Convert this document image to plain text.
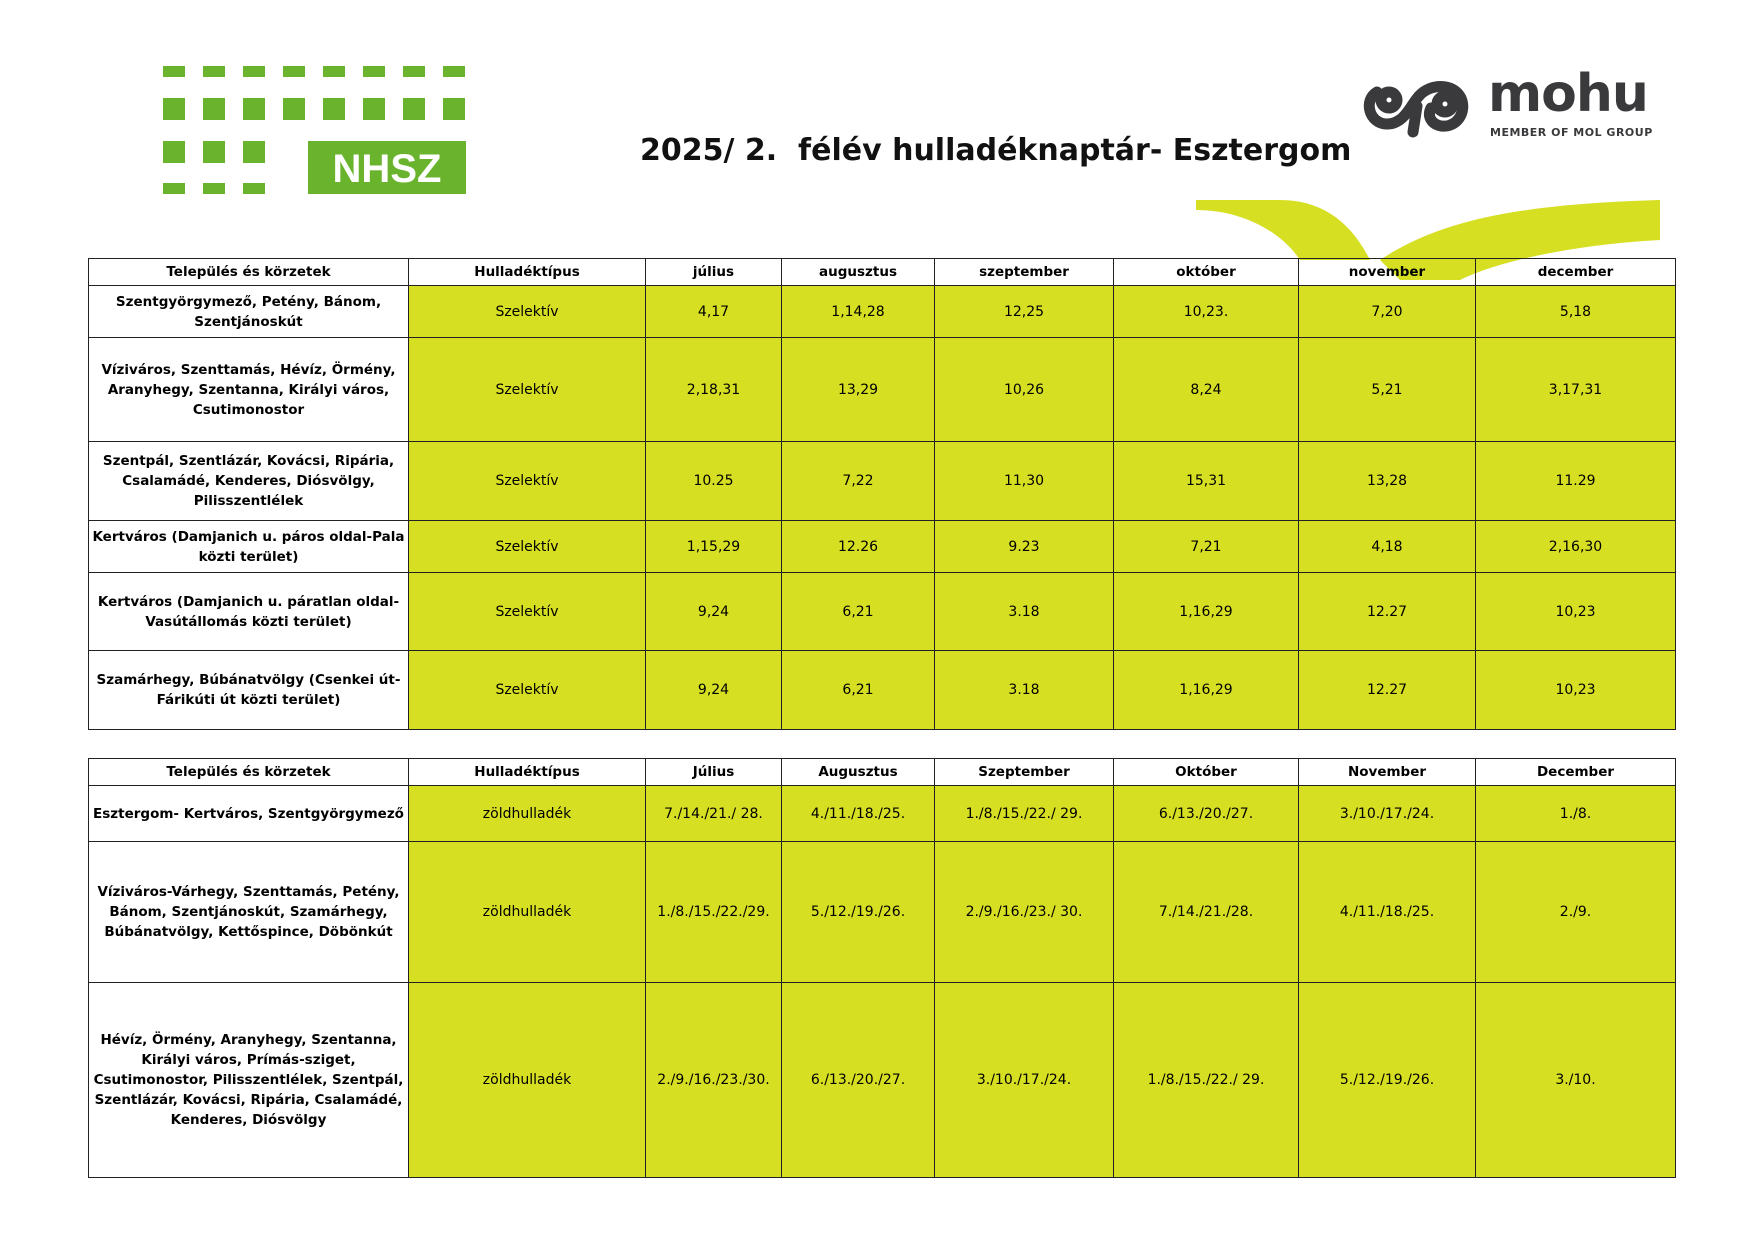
NHSZ
mohu
MEMBER OF MOL GROUP
2025/ 2.  félév hulladéknaptár- Esztergom
Település és körzetek	Hulladéktípus	július	augusztus	szeptember	október	november	december
Szentgyörgymező, Petény, Bánom, Szentjánoskút	Szelektív	4,17	1,14,28	12,25	10,23.	7,20	5,18
Víziváros, Szenttamás, Hévíz, Örmény, Aranyhegy, Szentanna, Királyi város, Csutimonostor	Szelektív	2,18,31	13,29	10,26	8,24	5,21	3,17,31
Szentpál, Szentlázár, Kovácsi, Ripária, Csalamádé, Kenderes, Diósvölgy, Pilisszentlélek	Szelektív	10.25	7,22	11,30	15,31	13,28	11.29
Kertváros (Damjanich u. páros oldal-Pala közti terület)	Szelektív	1,15,29	12.26	9.23	7,21	4,18	2,16,30
Kertváros (Damjanich u. páratlan oldal-Vasútállomás közti terület)	Szelektív	9,24	6,21	3.18	1,16,29	12.27	10,23
Szamárhegy, Búbánatvölgy (Csenkei út-Fárikúti út közti terület)	Szelektív	9,24	6,21	3.18	1,16,29	12.27	10,23
Település és körzetek	Hulladéktípus	Július	Augusztus	Szeptember	Október	November	December
Esztergom- Kertváros, Szentgyörgymező	zöldhulladék	7./14./21./ 28.	4./11./18./25.	1./8./15./22./ 29.	6./13./20./27.	3./10./17./24.	1./8.
Víziváros-Várhegy, Szenttamás, Petény, Bánom, Szentjánoskút, Szamárhegy, Búbánatvölgy, Kettőspince, Döbönkút	zöldhulladék	1./8./15./22./29.	5./12./19./26.	2./9./16./23./ 30.	7./14./21./28.	4./11./18./25.	2./9.
Hévíz, Örmény, Aranyhegy, Szentanna, Királyi város, Prímás-sziget, Csutimonostor, Pilisszentlélek, Szentpál, Szentlázár, Kovácsi, Ripária, Csalamádé, Kenderes, Diósvölgy	zöldhulladék	2./9./16./23./30.	6./13./20./27.	3./10./17./24.	1./8./15./22./ 29.	5./12./19./26.	3./10.
